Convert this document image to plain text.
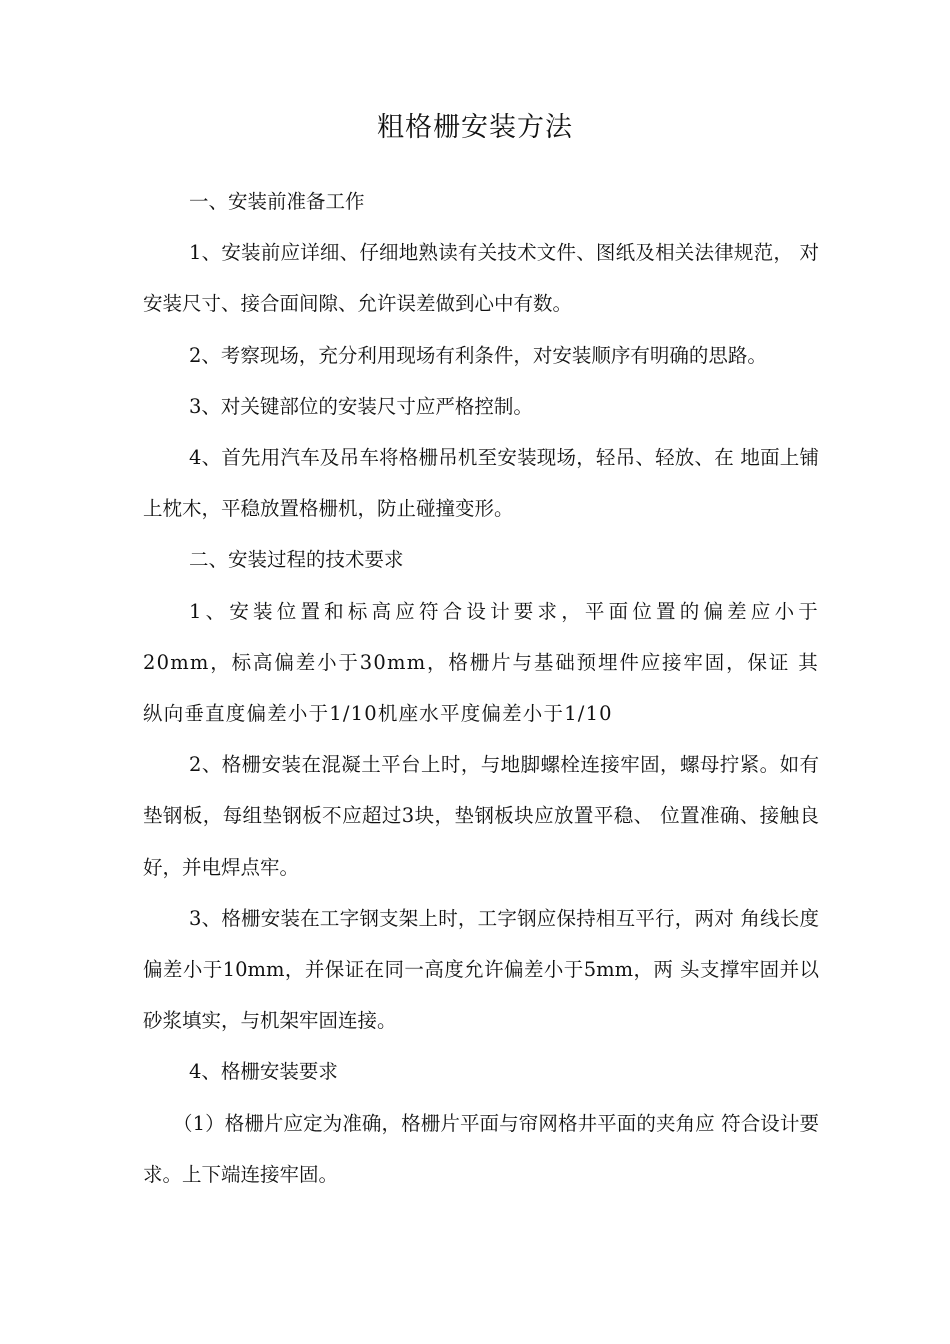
粗格栅安装方法

一、安装前准备工作

1、安装前应详细、仔细地熟读有关技术文件、图纸及相关法律规范， 对安装尺寸、接合面间隙、允许误差做到心中有数。

2、考察现场，充分利用现场有利条件，对安装顺序有明确的思路。

3、对关键部位的安装尺寸应严格控制。

4、首先用汽车及吊车将格栅吊机至安装现场，轻吊、轻放、在 地面上铺上枕木，平稳放置格栅机，防止碰撞变形。

二、安装过程的技术要求

1、安装位置和标高应符合设计要求，平面位置的偏差应小于20mm，标高偏差小于30mm，格栅片与基础预埋件应接牢固，保证 其纵向垂直度偏差小于1/10机座水平度偏差小于1/10

2、格栅安装在混凝土平台上时，与地脚螺栓连接牢固，螺母拧紧。如有垫钢板，每组垫钢板不应超过3块，垫钢板块应放置平稳、 位置准确、接触良好，并电焊点牢。

3、格栅安装在工字钢支架上时，工字钢应保持相互平行，两对 角线长度偏差小于10mm，并保证在同一高度允许偏差小于5mm，两 头支撑牢固并以砂浆填实，与机架牢固连接。

4、格栅安装要求

（1）格栅片应定为准确，格栅片平面与帘网格井平面的夹角应 符合设计要求。上下端连接牢固。
